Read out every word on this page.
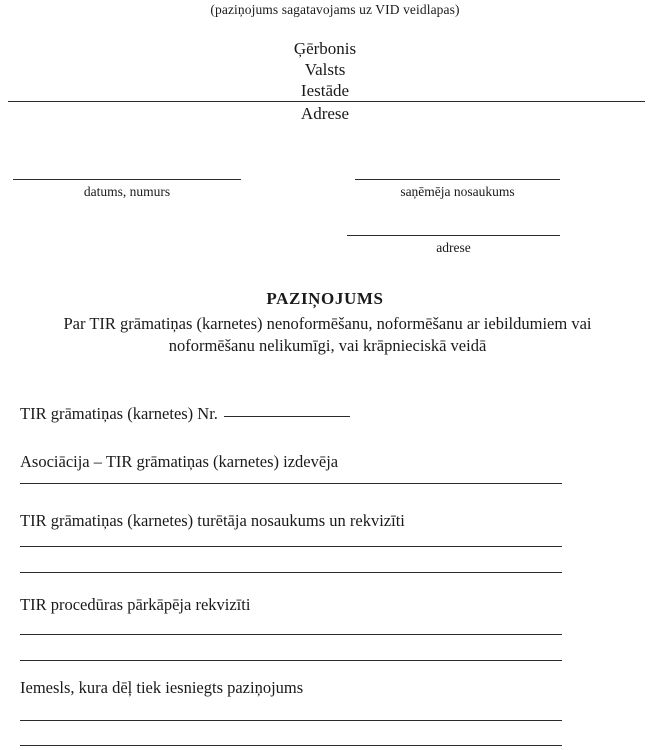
(paziņojums sagatavojams uz VID veidlapas)
Ģērbonis
Valsts
Iestāde
Adrese
datums, numurs	saņēmēja nosaukums
adrese
PAZIŅOJUMS
Par TIR grāmatiņas (karnetes) nenoformēšanu, noformēšanu ar iebildumiem vai noformēšanu nelikumīgi, vai krāpnieciskā veidā
TIR grāmatiņas (karnetes) Nr.
Asociācija – TIR grāmatiņas (karnetes) izdevēja
TIR grāmatiņas (karnetes) turētāja nosaukums un rekvizīti
TIR procedūras pārkāpēja rekvizīti
Iemesls, kura dēļ tiek iesniegts paziņojums
